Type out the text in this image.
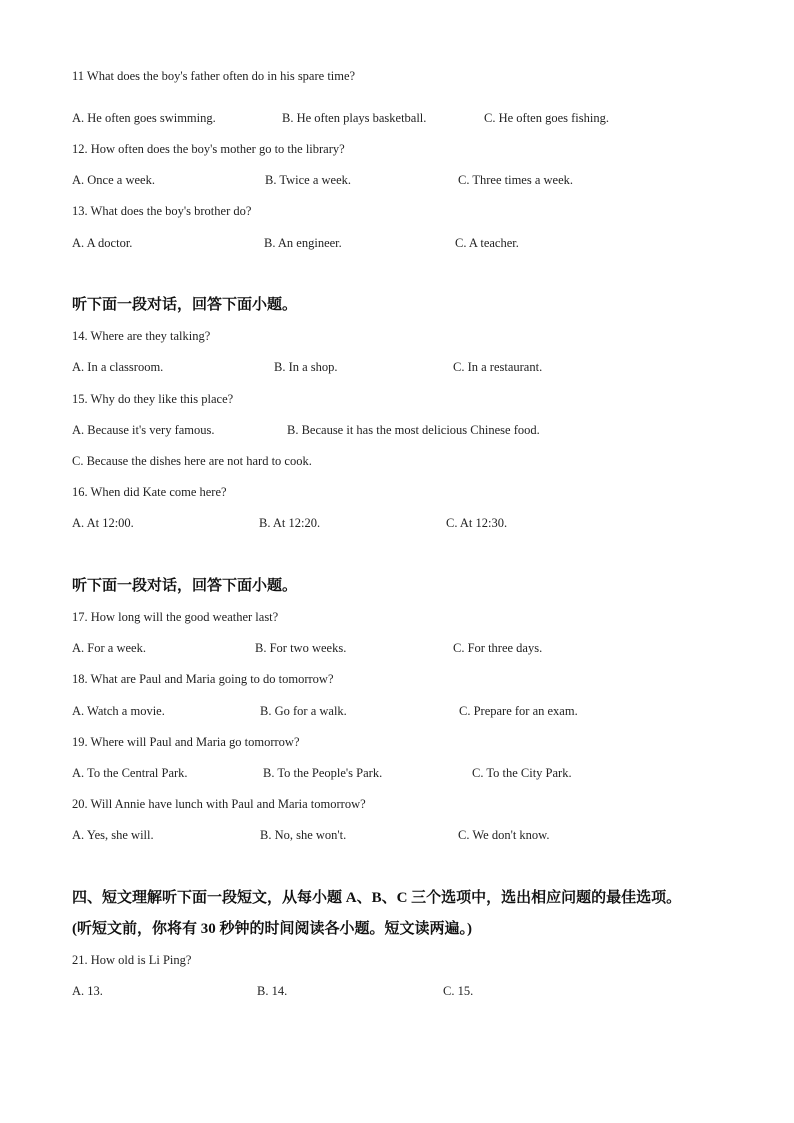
11 What does the boy's father often do in his spare time?
A. He often goes swimming.	B. He often plays basketball.	C. He often goes fishing.
12. How often does the boy's mother go to the library?
A. Once a week.	B. Twice a week.	C. Three times a week.
13. What does the boy's brother do?
A. A doctor.	B. An engineer.	C. A teacher.
听下面一段对话，回答下面小题。
14. Where are they talking?
A. In a classroom.	B. In a shop.	C. In a restaurant.
15. Why do they like this place?
A. Because it's very famous.	B. Because it has the most delicious Chinese food.
C. Because the dishes here are not hard to cook.
16. When did Kate come here?
A. At 12:00.	B. At 12:20.	C. At 12:30.
听下面一段对话，回答下面小题。
17. How long will the good weather last?
A. For a week.	B. For two weeks.	C. For three days.
18. What are Paul and Maria going to do tomorrow?
A. Watch a movie.	B. Go for a walk.	C. Prepare for an exam.
19. Where will Paul and Maria go tomorrow?
A. To the Central Park.	B. To the People's Park.	C. To the City Park.
20. Will Annie have lunch with Paul and Maria tomorrow?
A. Yes, she will.	B. No, she won't.	C. We don't know.
四、短文理解听下面一段短文，从每小题 A、B、C 三个选项中，选出相应问题的最佳选项。
(听短文前，你将有 30 秒钟的时间阅读各小题。短文读两遍。)
21. How old is Li Ping?
A. 13.	B. 14.	C. 15.
